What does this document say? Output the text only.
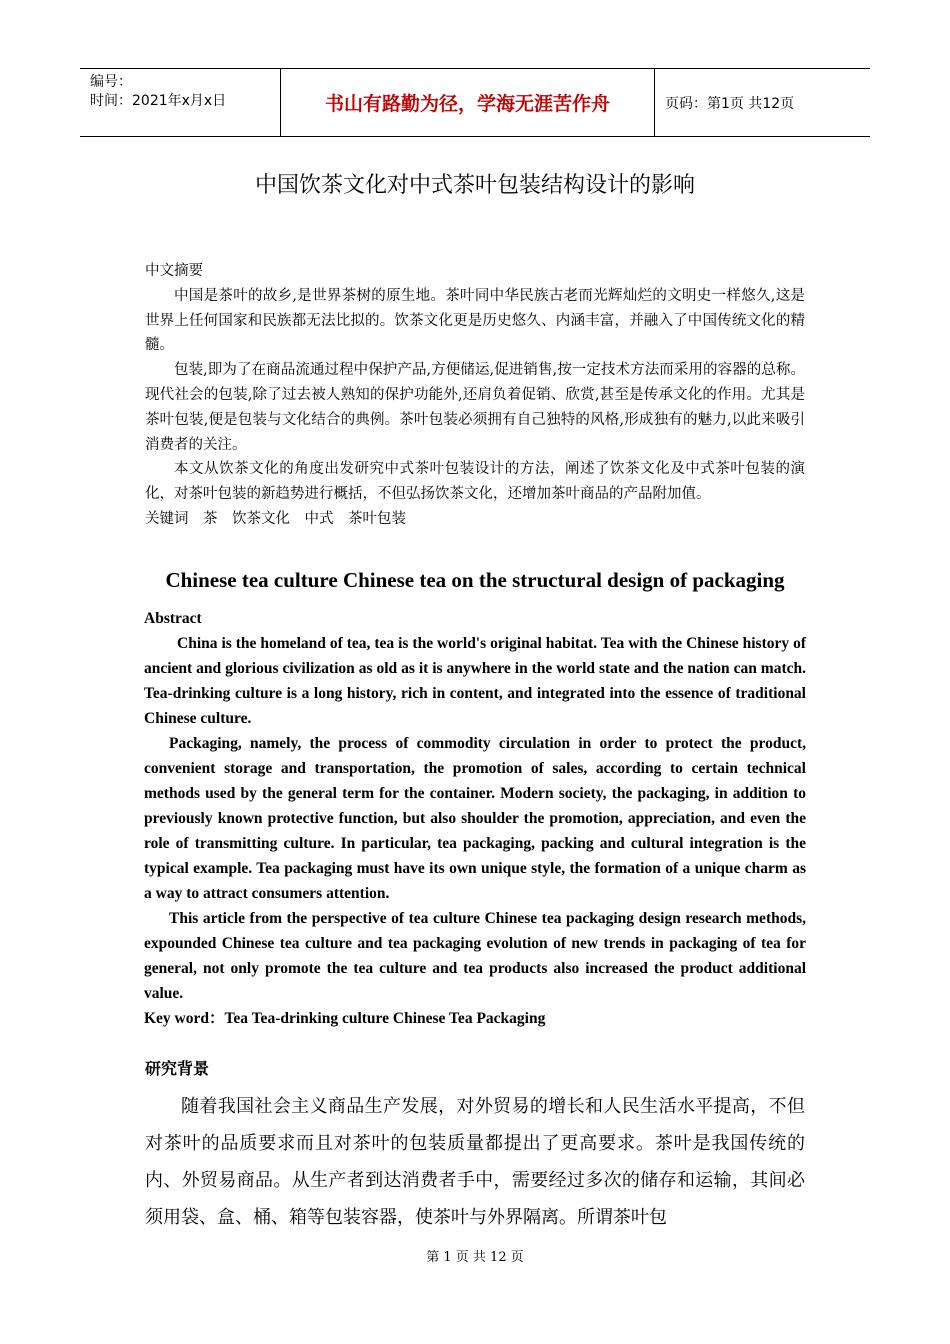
编号：
时间：2021年x月x日	书山有路勤为径，学海无涯苦作舟	页码：第1页 共12页
中国饮茶文化对中式茶叶包装结构设计的影响

中文摘要

中国是茶叶的故乡,是世界茶树的原生地。茶叶同中华民族古老而光辉灿烂的文明史一样悠久,这是世界上任何国家和民族都无法比拟的。饮茶文化更是历史悠久、内涵丰富，并融入了中国传统文化的精髓。

包装,即为了在商品流通过程中保护产品,方便储运,促进销售,按一定技术方法而采用的容器的总称。现代社会的包装,除了过去被人熟知的保护功能外,还肩负着促销、欣赏,甚至是传承文化的作用。尤其是茶叶包装,便是包装与文化结合的典例。茶叶包装必须拥有自己独特的风格,形成独有的魅力,以此来吸引消费者的关注。

本文从饮茶文化的角度出发研究中式茶叶包装设计的方法，阐述了饮茶文化及中式茶叶包装的演化，对茶叶包装的新趋势进行概括，不但弘扬饮茶文化，还增加茶叶商品的产品附加值。

关键词　茶　饮茶文化　中式　茶叶包装

Chinese tea culture Chinese tea on the structural design of packaging

Abstract

China is the homeland of tea, tea is the world's original habitat. Tea with the Chinese history of ancient and glorious civilization as old as it is anywhere in the world state and the nation can match. Tea-drinking culture is a long history, rich in content, and integrated into the essence of traditional Chinese culture.

Packaging, namely, the process of commodity circulation in order to protect the product, convenient storage and transportation, the promotion of sales, according to certain technical methods used by the general term for the container. Modern society, the packaging, in addition to previously known protective function, but also shoulder the promotion, appreciation, and even the role of transmitting culture. In particular, tea packaging, packing and cultural integration is the typical example. Tea packaging must have its own unique style, the formation of a unique charm as a way to attract consumers attention.

This article from the perspective of tea culture Chinese tea packaging design research methods, expounded Chinese tea culture and tea packaging evolution of new trends in packaging of tea for general, not only promote the tea culture and tea products also increased the product additional value.

Key word：Tea Tea-drinking culture Chinese Tea Packaging

研究背景

随着我国社会主义商品生产发展，对外贸易的增长和人民生活水平提高，不但对茶叶的品质要求而且对茶叶的包装质量都提出了更高要求。茶叶是我国传统的内、外贸易商品。从生产者到达消费者手中，需要经过多次的储存和运输，其间必须用袋、盒、桶、箱等包装容器，使茶叶与外界隔离。所谓茶叶包

第 1 页 共 12 页
